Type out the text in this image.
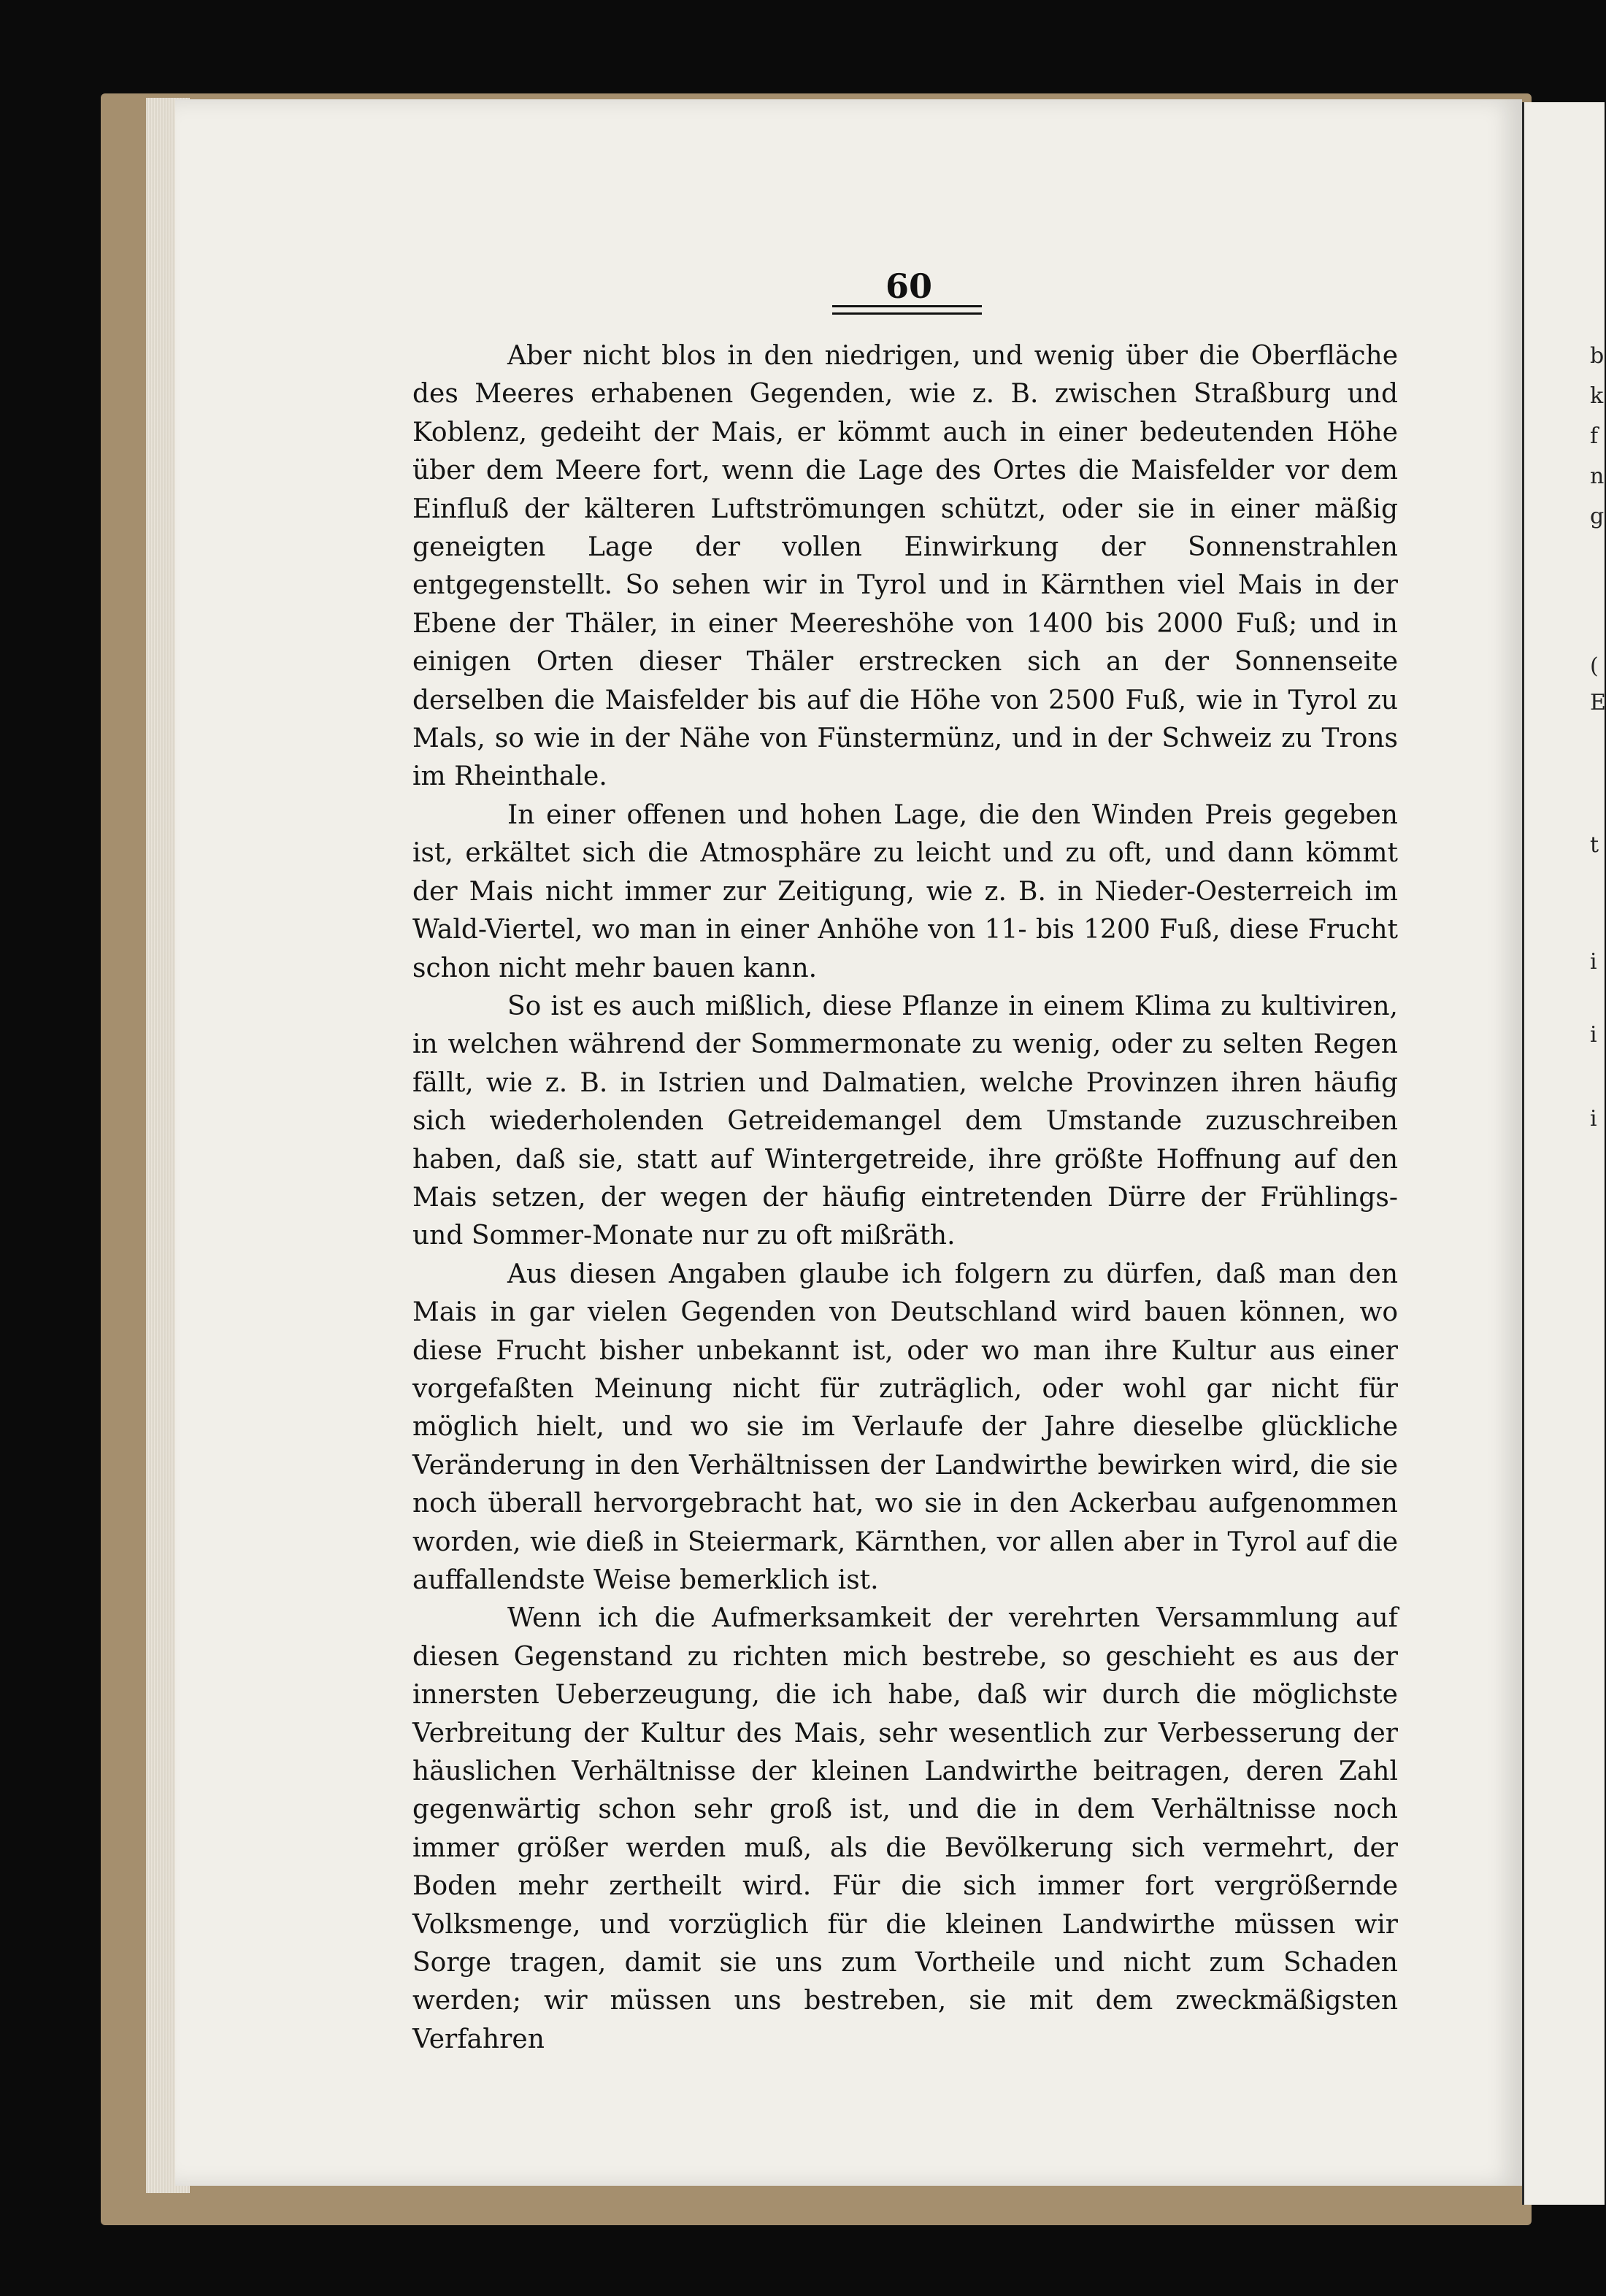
b
k
f
n
g
(
E
t
i
i
i
60

Aber nicht blos in den niedrigen, und wenig über die Oberfläche des Meeres erhabenen Gegenden, wie z. B. zwischen Straßburg und Koblenz, gedeiht der Mais, er kömmt auch in einer bedeutenden Höhe über dem Meere fort, wenn die Lage des Ortes die Maisfelder vor dem Einfluß der kälteren Luftströmungen schützt, oder sie in einer mäßig geneigten Lage der vollen Einwirkung der Sonnenstrahlen entgegenstellt. So sehen wir in Tyrol und in Kärnthen viel Mais in der Ebene der Thäler, in einer Meereshöhe von 1400 bis 2000 Fuß; und in einigen Orten dieser Thäler erstrecken sich an der Sonnenseite derselben die Maisfelder bis auf die Höhe von 2500 Fuß, wie in Tyrol zu Mals, so wie in der Nähe von Fünstermünz, und in der Schweiz zu Trons im Rheinthale.

In einer offenen und hohen Lage, die den Winden Preis gegeben ist, erkältet sich die Atmosphäre zu leicht und zu oft, und dann kömmt der Mais nicht immer zur Zeitigung, wie z. B. in Nieder-Oesterreich im Wald-Viertel, wo man in einer Anhöhe von 11- bis 1200 Fuß, diese Frucht schon nicht mehr bauen kann.

So ist es auch mißlich, diese Pflanze in einem Klima zu kultiviren, in welchen während der Sommermonate zu wenig, oder zu selten Regen fällt, wie z. B. in Istrien und Dalmatien, welche Provinzen ihren häufig sich wiederholenden Getreidemangel dem Umstande zuzuschreiben haben, daß sie, statt auf Wintergetreide, ihre größte Hoffnung auf den Mais setzen, der wegen der häufig eintretenden Dürre der Frühlings- und Sommer-Monate nur zu oft mißräth.

Aus diesen Angaben glaube ich folgern zu dürfen, daß man den Mais in gar vielen Gegenden von Deutschland wird bauen können, wo diese Frucht bisher unbekannt ist, oder wo man ihre Kultur aus einer vorgefaßten Meinung nicht für zuträglich, oder wohl gar nicht für möglich hielt, und wo sie im Verlaufe der Jahre dieselbe glückliche Veränderung in den Verhältnissen der Landwirthe bewirken wird, die sie noch überall hervorgebracht hat, wo sie in den Ackerbau aufgenommen worden, wie dieß in Steiermark, Kärnthen, vor allen aber in Tyrol auf die auffallendste Weise bemerklich ist.

Wenn ich die Aufmerksamkeit der verehrten Versammlung auf diesen Gegenstand zu richten mich bestrebe, so geschieht es aus der innersten Ueberzeugung, die ich habe, daß wir durch die möglichste Verbreitung der Kultur des Mais, sehr wesentlich zur Verbesserung der häuslichen Verhältnisse der kleinen Landwirthe beitragen, deren Zahl gegenwärtig schon sehr groß ist, und die in dem Verhältnisse noch immer größer werden muß, als die Bevölkerung sich vermehrt, der Boden mehr zertheilt wird. Für die sich immer fort vergrößernde Volksmenge, und vorzüglich für die kleinen Landwirthe müssen wir Sorge tragen, damit sie uns zum Vortheile und nicht zum Schaden werden; wir müssen uns bestreben, sie mit dem zweckmäßigsten Verfahren
